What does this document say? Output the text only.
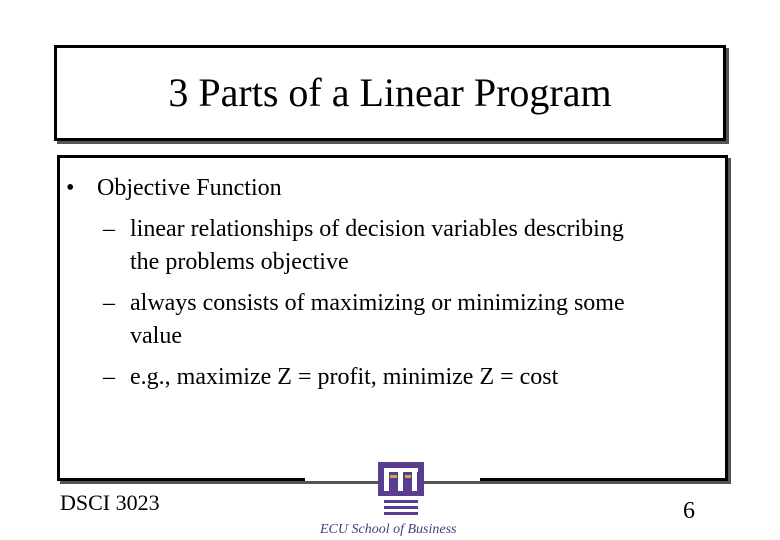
3 Parts of a Linear Program
• Objective Function
– linear relationships of decision variables describing
the problems objective
– always consists of maximizing or minimizing some
value
– e.g., maximize Z = profit, minimize Z = cost
DSCI 3023
ECU School of Business
6
